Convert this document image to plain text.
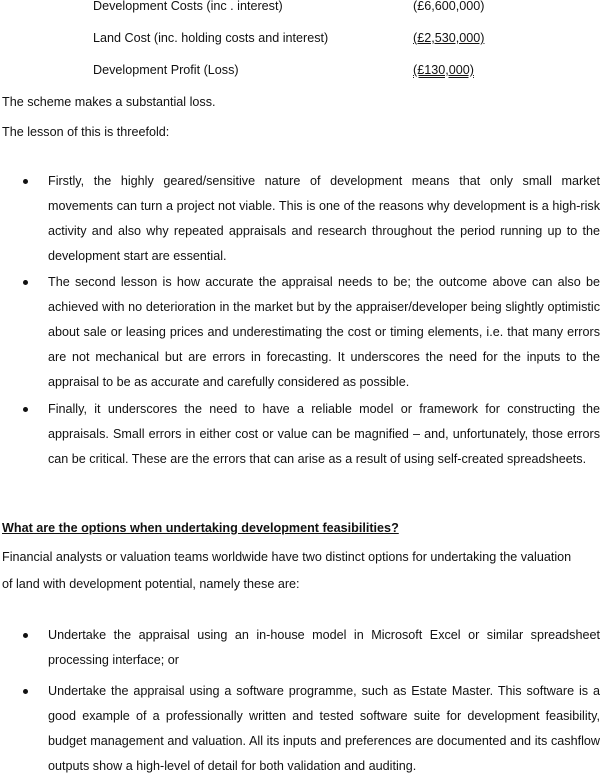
Development Costs (inc . interest)	(£6,600,000)
Land Cost (inc. holding costs and interest)	(£2,530,000)
Development Profit (Loss)	(£130,000)
The scheme makes a substantial loss.
The lesson of this is threefold:
Firstly, the highly geared/sensitive nature of development means that only small market movements can turn a project not viable. This is one of the reasons why development is a high-risk activity and also why repeated appraisals and research throughout the period running up to the development start are essential.
The second lesson is how accurate the appraisal needs to be; the outcome above can also be achieved with no deterioration in the market but by the appraiser/developer being slightly optimistic about sale or leasing prices and underestimating the cost or timing elements, i.e. that many errors are not mechanical but are errors in forecasting. It underscores the need for the inputs to the appraisal to be as accurate and carefully considered as possible.
Finally, it underscores the need to have a reliable model or framework for constructing the appraisals. Small errors in either cost or value can be magnified – and, unfortunately, those errors can be critical. These are the errors that can arise as a result of using self-created spreadsheets.
What are the options when undertaking development feasibilities?
Financial analysts or valuation teams worldwide have two distinct options for undertaking the valuation
of land with development potential, namely these are:
Undertake the appraisal using an in-house model in Microsoft Excel or similar spreadsheet processing interface; or
Undertake the appraisal using a software programme, such as Estate Master. This software is a good example of a professionally written and tested software suite for development feasibility, budget management and valuation. All its inputs and preferences are documented and its cashflow outputs show a high-level of detail for both validation and auditing.
